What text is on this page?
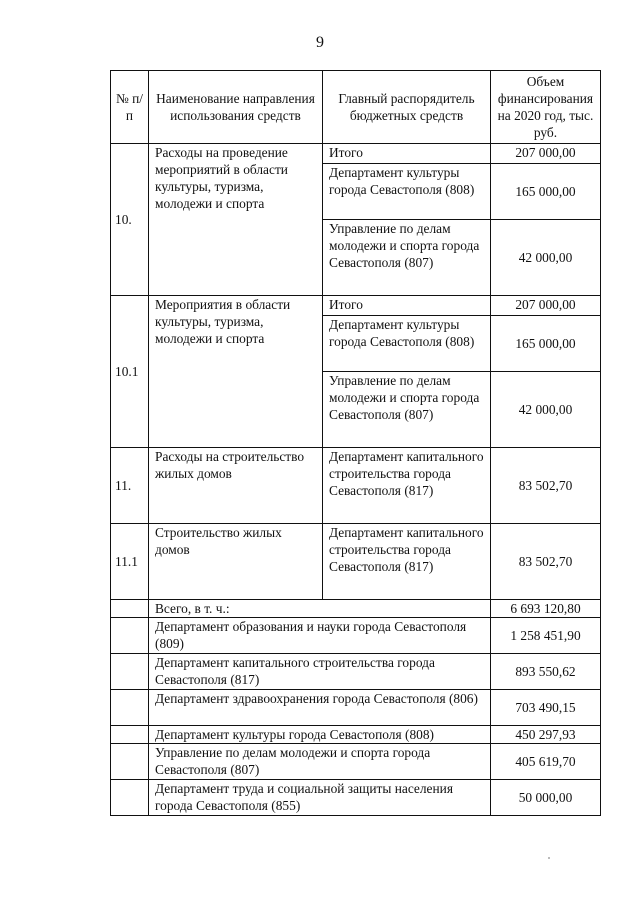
9
№ п/п	Наименование направления использования средств	Главный распорядитель бюджетных средств	Объем финансирования на 2020 год, тыс. руб.
10.	Расходы на проведение мероприятий в области культуры, туризма, молодежи и спорта	Итого	207 000,00
		Департамент культуры города Севастополя (808)	165 000,00
		Управление по делам молодежи и спорта города Севастополя (807)	42 000,00
10.1	Мероприятия в области культуры, туризма, молодежи и спорта	Итого	207 000,00
		Департамент культуры города Севастополя (808)	165 000,00
		Управление по делам молодежи и спорта города Севастополя (807)	42 000,00
11.	Расходы на строительство жилых домов	Департамент капитального строительства города Севастополя (817)	83 502,70
11.1	Строительство жилых домов	Департамент капитального строительства города Севастополя (817)	83 502,70
	Всего, в т. ч.:		6 693 120,80
	Департамент образования и науки города Севастополя (809)		1 258 451,90
	Департамент капитального строительства города Севастополя (817)		893 550,62
	Департамент здравоохранения города Севастополя (806)		703 490,15
	Департамент культуры города Севастополя (808)		450 297,93
	Управление по делам молодежи и спорта города Севастополя (807)		405 619,70
	Департамент труда и социальной защиты населения города Севастополя (855)		50 000,00
